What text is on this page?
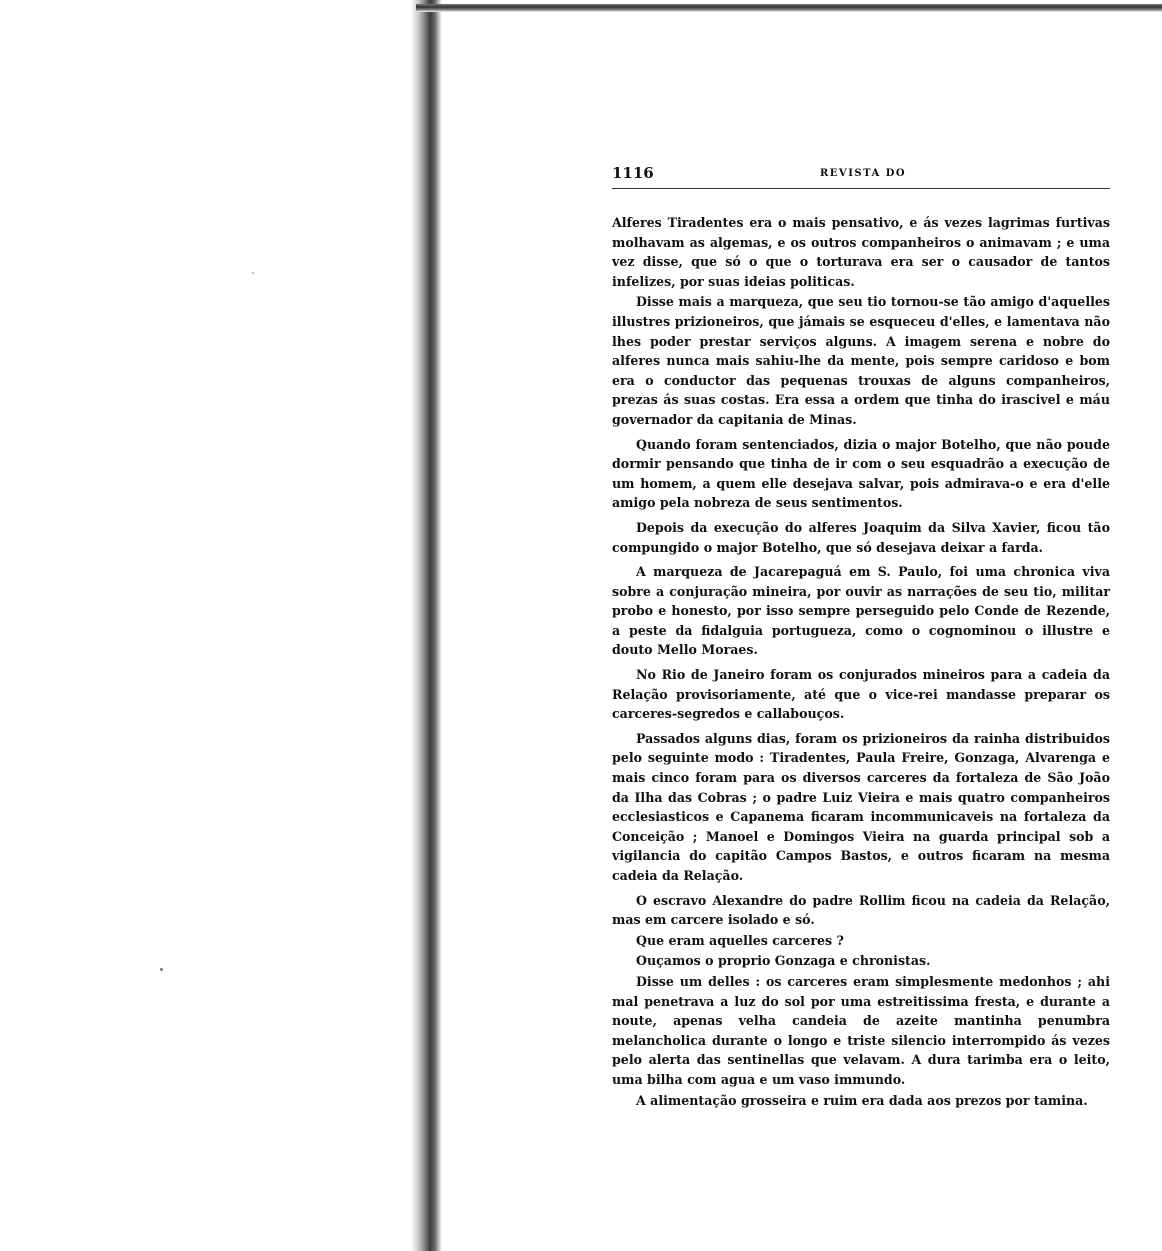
1116	REVISTA DO

Alferes Tiradentes era o mais pensativo, e ás vezes lagrimas furtivas molhavam as algemas, e os outros companheiros o animavam ; e uma vez disse, que só o que o torturava era ser o causador de tantos infelizes, por suas ideias politicas.

Disse mais a marqueza, que seu tio tornou-se tão amigo d'aquelles illustres prizioneiros, que jámais se esqueceu d'elles, e lamentava não lhes poder prestar serviços alguns. A imagem serena e nobre do alferes nunca mais sahiu-lhe da mente, pois sempre caridoso e bom era o conductor das pequenas trouxas de alguns companheiros, prezas ás suas costas. Era essa a ordem que tinha do irascivel e máu governador da capitania de Minas.

Quando foram sentenciados, dizia o major Botelho, que não poude dormir pensando que tinha de ir com o seu esquadrão a execução de um homem, a quem elle desejava salvar, pois admirava-o e era d'elle amigo pela nobreza de seus sentimentos.

Depois da execução do alferes Joaquim da Silva Xavier, ficou tão compungido o major Botelho, que só desejava deixar a farda.

A marqueza de Jacarepaguá em S. Paulo, foi uma chronica viva sobre a conjuração mineira, por ouvir as narrações de seu tio, militar probo e honesto, por isso sempre perseguido pelo Conde de Rezende, a peste da fidalguia portugueza, como o cognominou o illustre e douto Mello Moraes.

No Rio de Janeiro foram os conjurados mineiros para a cadeia da Relação provisoriamente, até que o vice-rei mandasse preparar os carceres-segredos e callabouços.

Passados alguns dias, foram os prizioneiros da rainha distribuidos pelo seguinte modo : Tiradentes, Paula Freire, Gonzaga, Alvarenga e mais cinco foram para os diversos carceres da fortaleza de São João da Ilha das Cobras ; o padre Luiz Vieira e mais quatro companheiros ecclesiasticos e Capanema ficaram incommunicaveis na fortaleza da Conceição ; Manoel e Domingos Vieira na guarda principal sob a vigilancia do capitão Campos Bastos, e outros ficaram na mesma cadeia da Relação.

O escravo Alexandre do padre Rollim ficou na cadeia da Relação, mas em carcere isolado e só.

Que eram aquelles carceres ?

Ouçamos o proprio Gonzaga e chronistas.

Disse um delles : os carceres eram simplesmente medonhos ; ahi mal penetrava a luz do sol por uma estreitissima fresta, e durante a noute, apenas velha candeia de azeite mantinha penumbra melancholica durante o longo e triste silencio interrompido ás vezes pelo alerta das sentinellas que velavam. A dura tarimba era o leito, uma bilha com agua e um vaso immundo.

A alimentação grosseira e ruim era dada aos prezos por tamina.
